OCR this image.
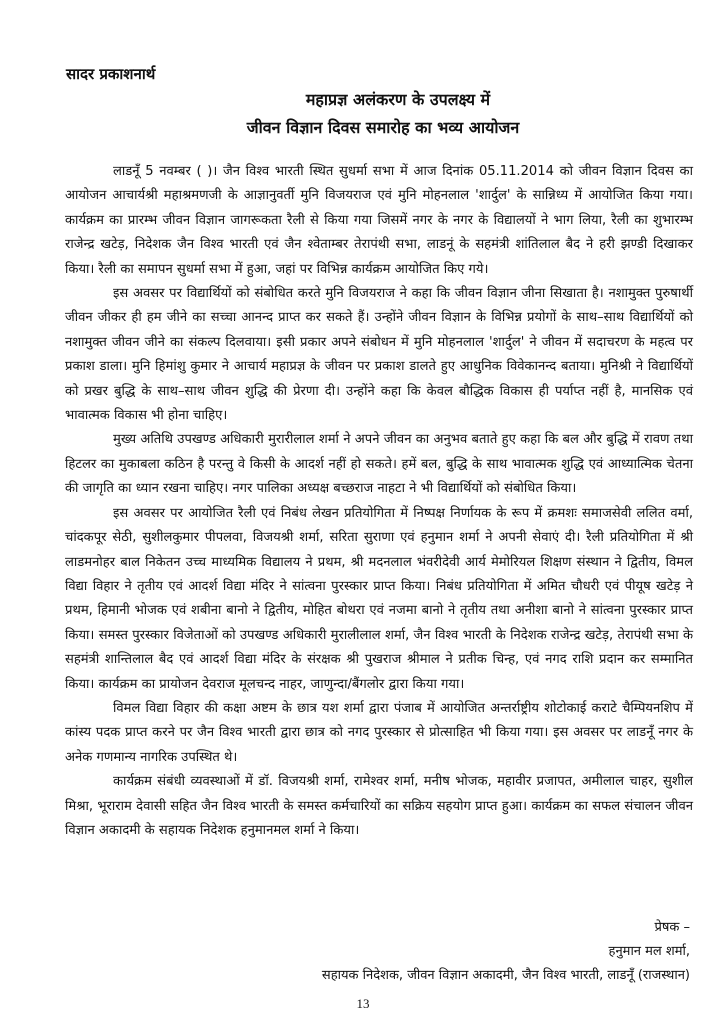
सादर प्रकाशनार्थ
महाप्रज्ञ अलंकरण के उपलक्ष्य में
जीवन विज्ञान दिवस समारोह का भव्य आयोजन

लाडनूँ 5 नवम्बर ( )। जैन विश्व भारती स्थित सुधर्मा सभा में आज दिनांक 05.11.2014 को जीवन विज्ञान दिवस का आयोजन आचार्यश्री महाश्रमणजी के आज्ञानुवर्ती मुनि विजयराज एवं मुनि मोहनलाल 'शार्दुल' के सान्निध्य में आयोजित किया गया। कार्यक्रम का प्रारम्भ जीवन विज्ञान जागरूकता रैली से किया गया जिसमें नगर के नगर के विद्यालयों ने भाग लिया, रैली का शुभारम्भ राजेन्द्र खटेड़, निदेशक जैन विश्व भारती एवं जैन श्वेताम्बर तेरापंथी सभा, लाडनूं के सहमंत्री शांतिलाल बैद ने हरी झण्डी दिखाकर किया। रैली का समापन सुधर्मा सभा में हुआ, जहां पर विभिन्न कार्यक्रम आयोजित किए गये।

इस अवसर पर विद्यार्थियों को संबोधित करते मुनि विजयराज ने कहा कि जीवन विज्ञान जीना सिखाता है। नशामुक्त पुरुषार्थी जीवन जीकर ही हम जीने का सच्चा आनन्द प्राप्त कर सकते हैं। उन्होंने जीवन विज्ञान के विभिन्न प्रयोगों के साथ–साथ विद्यार्थियों को नशामुक्त जीवन जीने का संकल्प दिलवाया। इसी प्रकार अपने संबोधन में मुनि मोहनलाल 'शार्दुल' ने जीवन में सदाचरण के महत्व पर प्रकाश डाला। मुनि हिमांशु कुमार ने आचार्य महाप्रज्ञ के जीवन पर प्रकाश डालते हुए आधुनिक विवेकानन्द बताया। मुनिश्री ने विद्यार्थियों को प्रखर बुद्धि के साथ–साथ जीवन शुद्धि की प्रेरणा दी। उन्होंने कहा कि केवल बौद्धिक विकास ही पर्याप्त नहीं है, मानसिक एवं भावात्मक विकास भी होना चाहिए।

मुख्य अतिथि उपखण्ड अधिकारी मुरारीलाल शर्मा ने अपने जीवन का अनुभव बताते हुए कहा कि बल और बुद्धि में रावण तथा हिटलर का मुकाबला कठिन है परन्तु वे किसी के आदर्श नहीं हो सकते। हमें बल, बुद्धि के साथ भावात्मक शुद्धि एवं आध्यात्मिक चेतना की जागृति का ध्यान रखना चाहिए। नगर पालिका अध्यक्ष बच्छराज नाहटा ने भी विद्यार्थियों को संबोधित किया।

इस अवसर पर आयोजित रैली एवं निबंध लेखन प्रतियोगिता में निष्पक्ष निर्णायक के रूप में क्रमशः समाजसेवी ललित वर्मा, चांदकपूर सेठी, सुशीलकुमार पीपलवा, विजयश्री शर्मा, सरिता सुराणा एवं हनुमान शर्मा ने अपनी सेवाएं दी। रैली प्रतियोगिता में श्री लाडमनोहर बाल निकेतन उच्च माध्यमिक विद्यालय ने प्रथम, श्री मदनलाल भंवरीदेवी आर्य मेमोरियल शिक्षण संस्थान ने द्वितीय, विमल विद्या विहार ने तृतीय एवं आदर्श विद्या मंदिर ने सांत्वना पुरस्कार प्राप्त किया। निबंध प्रतियोगिता में अमित चौधरी एवं पीयूष खटेड़ ने प्रथम, हिमानी भोजक एवं शबीना बानो ने द्वितीय, मोहित बोथरा एवं नजमा बानो ने तृतीय तथा अनीशा बानो ने सांत्वना पुरस्कार प्राप्त किया। समस्त पुरस्कार विजेताओं को उपखण्ड अधिकारी मुरालीलाल शर्मा, जैन विश्व भारती के निदेशक राजेन्द्र खटेड़, तेरापंथी सभा के सहमंत्री शान्तिलाल बैद एवं आदर्श विद्या मंदिर के संरक्षक श्री पुखराज श्रीमाल ने प्रतीक चिन्ह, एवं नगद राशि प्रदान कर सम्मानित किया। कार्यक्रम का प्रायोजन देवराज मूलचन्द नाहर, जाणुन्दा/बैंगलोर द्वारा किया गया।

विमल विद्या विहार की कक्षा अष्टम के छात्र यश शर्मा द्वारा पंजाब में आयोजित अन्तर्राष्ट्रीय शोटोकाई कराटे चैम्पियनशिप में कांस्य पदक प्राप्त करने पर जैन विश्व भारती द्वारा छात्र को नगद पुरस्कार से प्रोत्साहित भी किया गया। इस अवसर पर लाडनूँ नगर के अनेक गणमान्य नागरिक उपस्थित थे।

कार्यक्रम संबंधी व्यवस्थाओं में डॉ. विजयश्री शर्मा, रामेश्वर शर्मा, मनीष भोजक, महावीर प्रजापत, अमीलाल चाहर, सुशील मिश्रा, भूराराम देवासी सहित जैन विश्व भारती के समस्त कर्मचारियों का सक्रिय सहयोग प्राप्त हुआ। कार्यक्रम का सफल संचालन जीवन विज्ञान अकादमी के सहायक निदेशक हनुमानमल शर्मा ने किया।

प्रेषक –
हनुमान मल शर्मा,
सहायक निदेशक, जीवन विज्ञान अकादमी, जैन विश्व भारती, लाडनूँ (राजस्थान)
13
